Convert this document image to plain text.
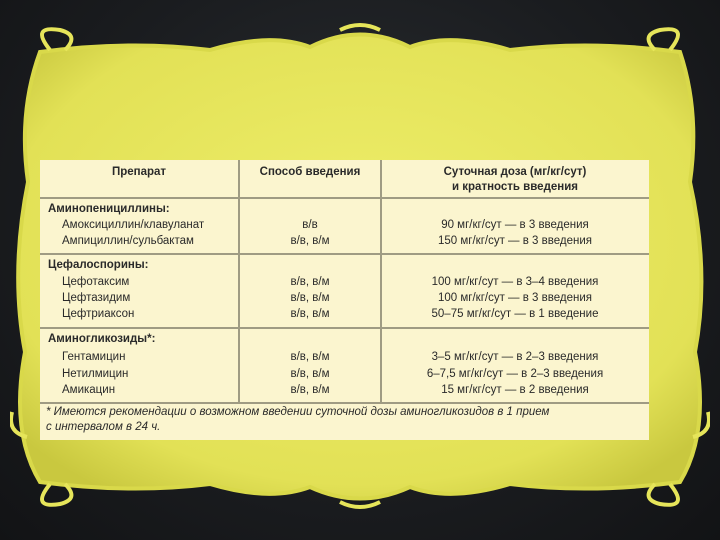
Препарат	Способ введения	Суточная доза (мг/кг/сут)
и кратность введения
Аминопенициллины:
Амоксициллин/клавуланат	в/в	90 мг/кг/сут — в 3 введения
Ампициллин/сульбактам	в/в, в/м	150 мг/кг/сут — в 3 введения
Цефалоспорины:
Цефотаксим	в/в, в/м	100 мг/кг/сут — в 3–4 введения
Цефтазидим	в/в, в/м	100 мг/кг/сут — в 3 введения
Цефтриаксон	в/в, в/м	50–75 мг/кг/сут — в 1 введение
Аминогликозиды*:
Гентамицин	в/в, в/м	3–5 мг/кг/сут — в 2–3 введения
Нетилмицин	в/в, в/м	6–7,5 мг/кг/сут — в 2–3 введения
Амикацин	в/в, в/м	15 мг/кг/сут — в 2 введения
* Имеются рекомендации о возможном введении суточной дозы аминогликозидов в 1 прием
с интервалом в 24 ч.
